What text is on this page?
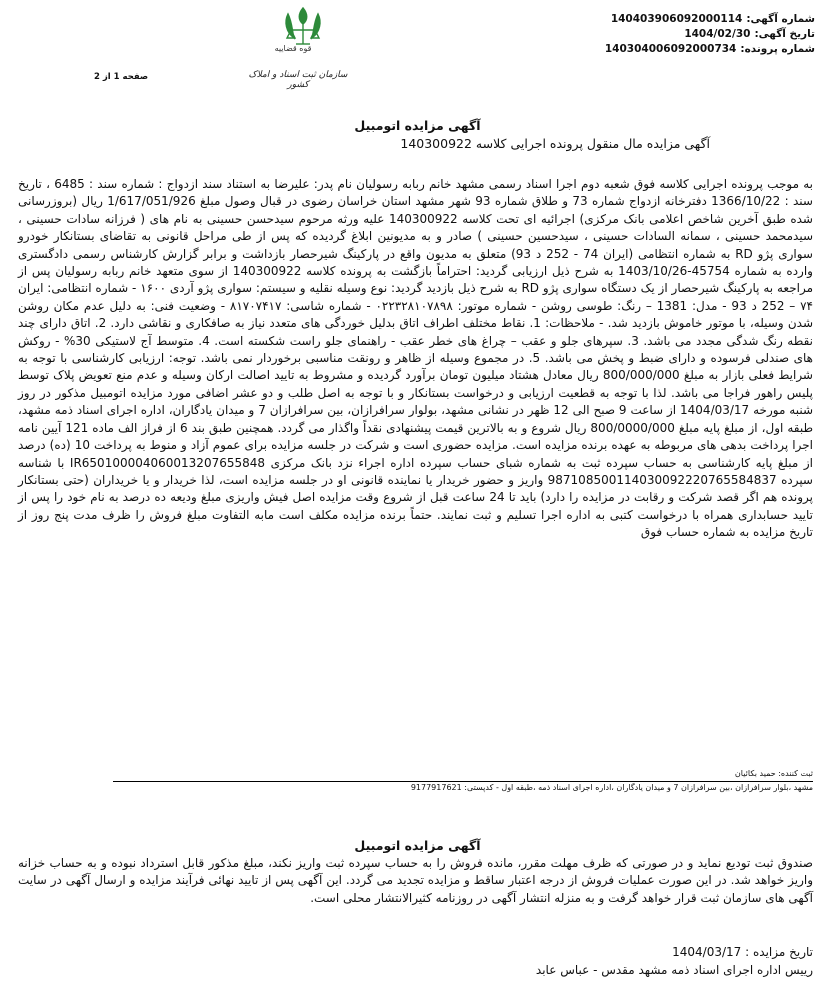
شماره آگهی:140403906092000114
تاریخ آگهی:1404/02/30
شماره پرونده:140304006092000734
قوه قضاییه
سازمان ثبت اسناد و املاک کشور
صفحه 1 از 2
آگهی مزایده اتومبیل
آگهی مزایده مال منقول پرونده اجرایی کلاسه 140300922
به موجب پرونده اجرایی کلاسه فوق شعبه دوم اجرا اسناد رسمی مشهد خانم ربابه رسولیان نام پدر: علیرضا به استناد سند ازدواج : شماره سند : 6485 ، تاریخ سند : 1366/10/22 دفترخانه ازدواج شماره 73 و طلاق شماره 93 شهر مشهد استان خراسان رضوی در قبال وصول مبلغ 1/617/051/926 ریال (بروزرسانی شده طبق آخرین شاخص اعلامی بانک مرکزی) اجرائیه ای تحت کلاسه 140300922 علیه ورثه مرحوم سیدحسن حسینی به نام های ( فرزانه سادات حسینی ، سیدمحمد حسینی ، سمانه السادات حسینی ، سیدحسین حسینی ) صادر و به مدیونین ابلاغ گردیده که پس از طی مراحل قانونی به تقاضای بستانکار خودرو سواری پژو RD به شماره انتظامی (ایران 74 - 252 د 93) متعلق به مدیون واقع در پارکینگ شیرحصار بازداشت و برابر گزارش کارشناس رسمی دادگستری وارده به شماره 45754-1403/10/26 به شرح ذیل ارزیابی گردید: احتراماً بازگشت به پرونده کلاسه 140300922 از سوی متعهد خانم ربابه رسولیان پس از مراجعه به پارکینگ شیرحصار از یک دستگاه سواری پژو RD به شرح ذیل بازدید گردید: نوع وسیله نقلیه و سیستم: سواری پژو آردی ۱۶۰۰ - شماره انتظامی: ایران ۷۴ – 252 د 93 - مدل: 1381 – رنگ: طوسی روشن - شماره موتور: ۰۲۲۳۲۸۱۰۷۸۹۸ - شماره شاسی: ۸۱۷۰۷۴۱۷ - وضعیت فنی: به دلیل عدم مکان روشن شدن وسیله، با موتور خاموش بازدید شد. - ملاحظات: 1. نقاط مختلف اطراف اتاق بدلیل خوردگی های متعدد نیاز به صافکاری و نقاشی دارد. 2. اتاق دارای چند نقطه رنگ شدگی مجدد می باشد. 3. سپرهای جلو و عقب – چراغ های خطر عقب - راهنمای جلو راست شکسته است. 4. متوسط آج لاستیکی 30% - روکش های صندلی فرسوده و دارای ضبط و پخش می باشد. 5. در مجموع وسیله از ظاهر و رونقت مناسبی برخوردار نمی باشد. توجه: ارزیابی کارشناسی با توجه به شرایط فعلی بازار به مبلغ 800/000/000 ریال معادل هشتاد میلیون تومان برآورد گردیده و مشروط به تایید اصالت ارکان وسیله و عدم منع تعویض پلاک توسط پلیس راهور فراجا می باشد. لذا با توجه به قطعیت ارزیابی و درخواست بستانکار و با توجه به اصل طلب و دو عشر اضافی مورد مزایده اتومبیل مذکور در روز شنبه مورخه 1404/03/17 از ساعت 9 صبح الی 12 ظهر در نشانی مشهد، بولوار سرافرازان، بین سرافرازان 7 و میدان یادگاران، اداره اجرای اسناد ذمه مشهد، طبقه اول، از مبلغ پایه مبلغ 800/0000/000 ریال شروع و به بالاترین قیمت پیشنهادی نقداً واگذار می گردد. همچنین طبق بند 6 از فراز الف ماده 121 آیین نامه اجرا پرداخت بدهی های مربوطه به عهده برنده مزایده است. مزایده حضوری است و شرکت در جلسه مزایده برای عموم آزاد و منوط به پرداخت 10 (ده) درصد از مبلغ پایه کارشناسی به حساب سپرده ثبت به شماره شبای حساب سپرده اداره اجراء نزد بانک مرکزی IR650100004060013207655848 با شناسه سپرده 987108500114030092220765584837 واریز و حضور خریدار یا نماینده قانونی او در جلسه مزایده است، لذا خریدار و یا خریداران (حتی بستانکار پرونده هم اگر قصد شرکت و رقابت در مزایده را دارد) باید تا 24 ساعت قبل از شروع وقت مزایده اصل فیش واریزی مبلغ ودیعه ده درصد به نام خود را پس از تایید حسابداری همراه با درخواست کتبی به اداره اجرا تسلیم و ثبت نمایند. حتماً برنده مزایده مکلف است مابه التفاوت مبلغ فروش را ظرف مدت پنج روز از تاریخ مزایده به شماره حساب فوق
ثبت کننده: حمید بکائیان
مشهد ،بلوار سرافرازان ،بین سرافرازان 7 و میدان یادگاران ،اداره اجرای اسناد ذمه ،طبقه اول - کدپستی: 9177917621
آگهی مزایده اتومبیل
صندوق ثبت تودیع نماید و در صورتی که ظرف مهلت مقرر، مانده فروش را به حساب سپرده ثبت واریز نکند، مبلغ مذکور قابل استرداد نبوده و به حساب خزانه واریز خواهد شد. در این صورت عملیات فروش از درجه اعتبار ساقط و مزایده تجدید می گردد. این آگهی پس از تایید نهائی فرآیند مزایده و ارسال آگهی در سایت آگهی های سازمان ثبت قرار خواهد گرفت و به منزله انتشار آگهی در روزنامه کثیرالانتشار محلی است.
تاریخ مزایده : 1404/03/17
رییس اداره اجرای اسناد ذمه مشهد مقدس - عباس عابد
